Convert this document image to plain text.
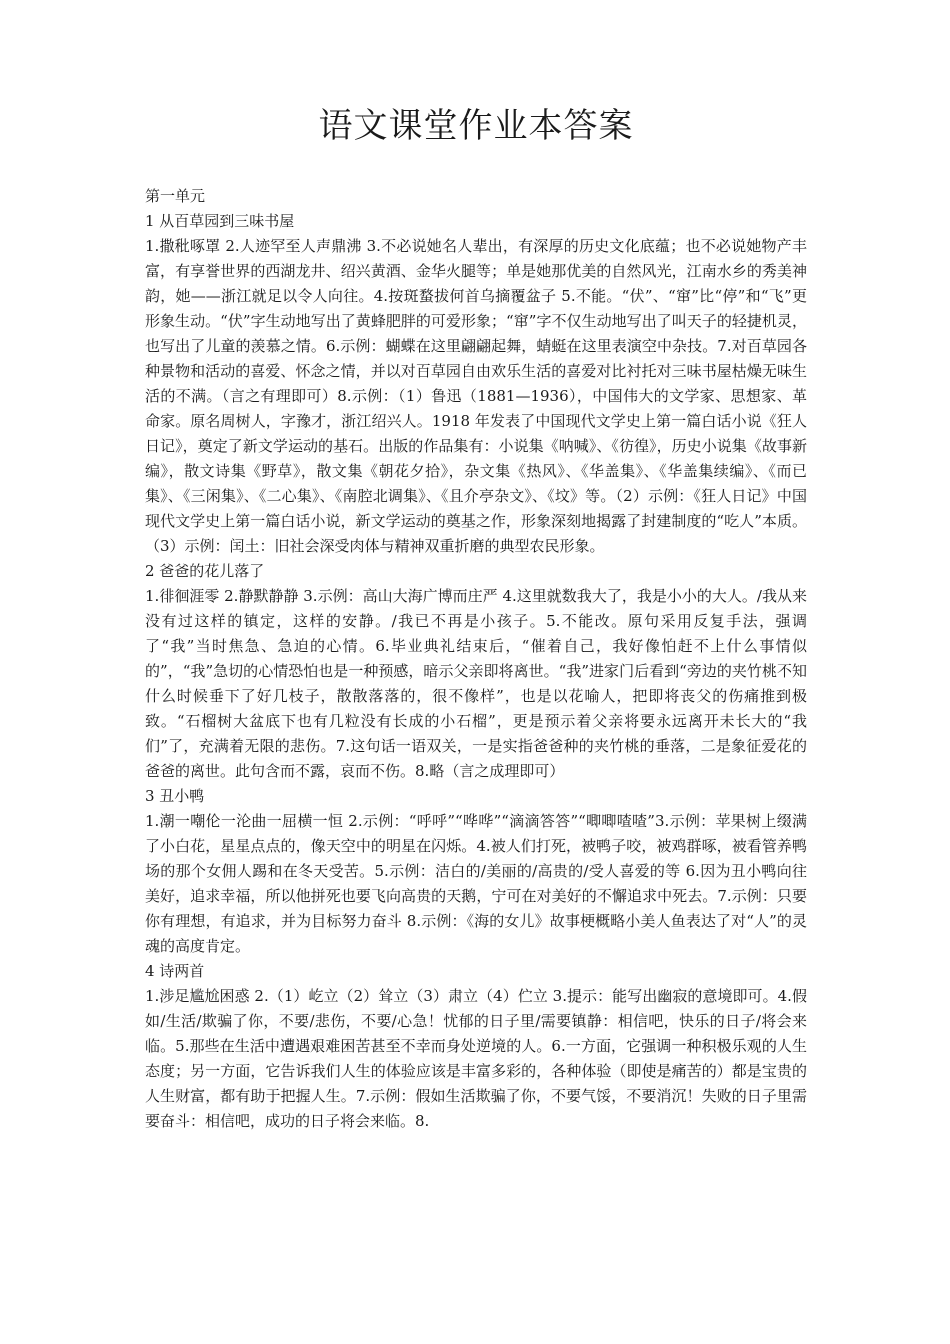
语文课堂作业本答案

第一单元

1 从百草园到三味书屋

1.撒秕啄罩 2.人迹罕至人声鼎沸 3.不必说她名人辈出，有深厚的历史文化底蕴；也不必说她物产丰富，有享誉世界的西湖龙井、绍兴黄酒、金华火腿等；单是她那优美的自然风光，江南水乡的秀美神韵，她——浙江就足以令人向往。4.按斑蝥拔何首乌摘覆盆子 5.不能。“伏”、“窜”比“停”和“飞”更形象生动。“伏”字生动地写出了黄蜂肥胖的可爱形象；“窜”字不仅生动地写出了叫天子的轻捷机灵，也写出了儿童的羡慕之情。6.示例：蝴蝶在这里翩翩起舞，蜻蜓在这里表演空中杂技。7.对百草园各种景物和活动的喜爱、怀念之情，并以对百草园自由欢乐生活的喜爱对比衬托对三味书屋枯燥无味生活的不满。（言之有理即可）8.示例：（1）鲁迅（1881—1936），中国伟大的文学家、思想家、革命家。原名周树人，字豫才，浙江绍兴人。1918 年发表了中国现代文学史上第一篇白话小说《狂人日记》，奠定了新文学运动的基石。出版的作品集有：小说集《呐喊》、《彷徨》，历史小说集《故事新编》，散文诗集《野草》，散文集《朝花夕拾》，杂文集《热风》、《华盖集》、《华盖集续编》、《而已集》、《三闲集》、《二心集》、《南腔北调集》、《且介亭杂文》、《坟》等。（2）示例：《狂人日记》中国现代文学史上第一篇白话小说，新文学运动的奠基之作，形象深刻地揭露了封建制度的“吃人”本质。（3）示例：闰土：旧社会深受肉体与精神双重折磨的典型农民形象。

2 爸爸的花儿落了

1.徘徊涯零 2.静默静静 3.示例：高山大海广博而庄严 4.这里就数我大了，我是小小的大人。/我从来没有过这样的镇定，这样的安静。/我已不再是小孩子。5.不能改。原句采用反复手法，强调了“我”当时焦急、急迫的心情。6.毕业典礼结束后，“催着自己，我好像怕赶不上什么事情似的”，“我”急切的心情恐怕也是一种预感，暗示父亲即将离世。“我”进家门后看到“旁边的夹竹桃不知什么时候垂下了好几枝子，散散落落的，很不像样”，也是以花喻人，把即将丧父的伤痛推到极致。“石榴树大盆底下也有几粒没有长成的小石榴”，更是预示着父亲将要永远离开未长大的“我们”了，充满着无限的悲伤。7.这句话一语双关，一是实指爸爸种的夹竹桃的垂落，二是象征爱花的爸爸的离世。此句含而不露，哀而不伤。8.略（言之成理即可）

3 丑小鸭

1.潮一嘲伦一沦曲一屈横一恒 2.示例：“呼呼”“哗哗”“滴滴答答”“唧唧喳喳”3.示例：苹果树上缀满了小白花，星星点点的，像天空中的明星在闪烁。4.被人们打死，被鸭子咬，被鸡群啄，被看管养鸭场的那个女佣人踢和在冬天受苦。5.示例：洁白的/美丽的/高贵的/受人喜爱的等 6.因为丑小鸭向往美好，追求幸福，所以他拼死也要飞向高贵的天鹅，宁可在对美好的不懈追求中死去。7.示例：只要你有理想，有追求，并为目标努力奋斗 8.示例：《海的女儿》故事梗概略小美人鱼表达了对“人”的灵魂的高度肯定。

4 诗两首

1.涉足尴尬困惑 2.（1）屹立（2）耸立（3）肃立（4）伫立 3.提示：能写出幽寂的意境即可。4.假如/生活/欺骗了你，不要/悲伤，不要/心急！忧郁的日子里/需要镇静：相信吧，快乐的日子/将会来临。5.那些在生活中遭遇艰难困苦甚至不幸而身处逆境的人。6.一方面，它强调一种积极乐观的人生态度；另一方面，它告诉我们人生的体验应该是丰富多彩的，各种体验（即使是痛苦的）都是宝贵的人生财富，都有助于把握人生。7.示例：假如生活欺骗了你，不要气馁，不要消沉！失败的日子里需要奋斗：相信吧，成功的日子将会来临。8.
